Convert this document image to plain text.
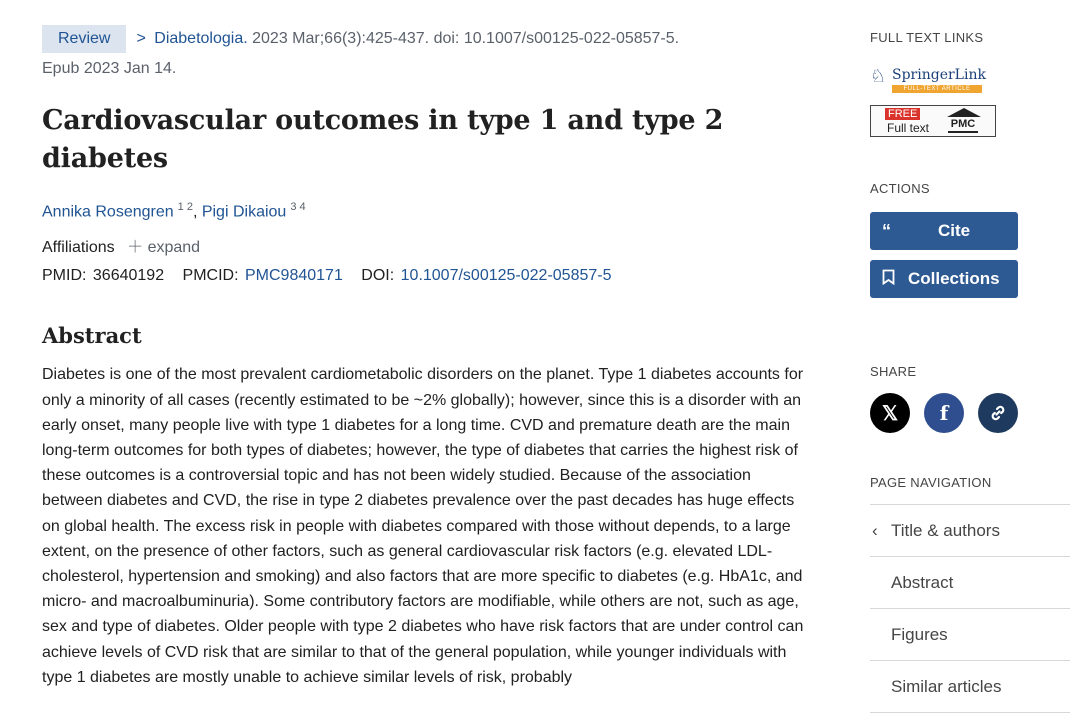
Review > Diabetologia. 2023 Mar;66(3):425-437. doi: 10.1007/s00125-022-05857-5.
Epub 2023 Jan 14.
Cardiovascular outcomes in type 1 and type 2 diabetes
Annika Rosengren $^{1 2}$, Pigi Dikaiou $^{3 4}$
Affiliations ＋ expand
PMID: 36640192 PMCID: PMC9840171 DOI: 10.1007/s00125-022-05857-5
Abstract

Diabetes is one of the most prevalent cardiometabolic disorders on the planet. Type 1 diabetes accounts for only a minority of all cases (recently estimated to be ~2% globally); however, since this is a disorder with an early onset, many people live with type 1 diabetes for a long time. CVD and premature death are the main long-term outcomes for both types of diabetes; however, the type of diabetes that carries the highest risk of these outcomes is a controversial topic and has not been widely studied. Because of the association between diabetes and CVD, the rise in type 2 diabetes prevalence over the past decades has huge effects on global health. The excess risk in people with diabetes compared with those without depends, to a large extent, on the presence of other factors, such as general cardiovascular risk factors (e.g. elevated LDL-cholesterol, hypertension and smoking) and also factors that are more specific to diabetes (e.g. HbA1c, and micro- and macroalbuminuria). Some contributory factors are modifiable, while others are not, such as age, sex and type of diabetes. Older people with type 2 diabetes who have risk factors that are under control can achieve levels of CVD risk that are similar to that of the general population, while younger individuals with type 1 diabetes are mostly unable to achieve similar levels of risk, probably

FULL TEXT LINKS
♘ SpringerLink
FULL-TEXT ARTICLE
FREE
Full text PMC
ACTIONS
“	Cite
Collections
SHARE
𝕏 f
PAGE NAVIGATION
‹ Title & authors
Abstract
Figures
Similar articles
